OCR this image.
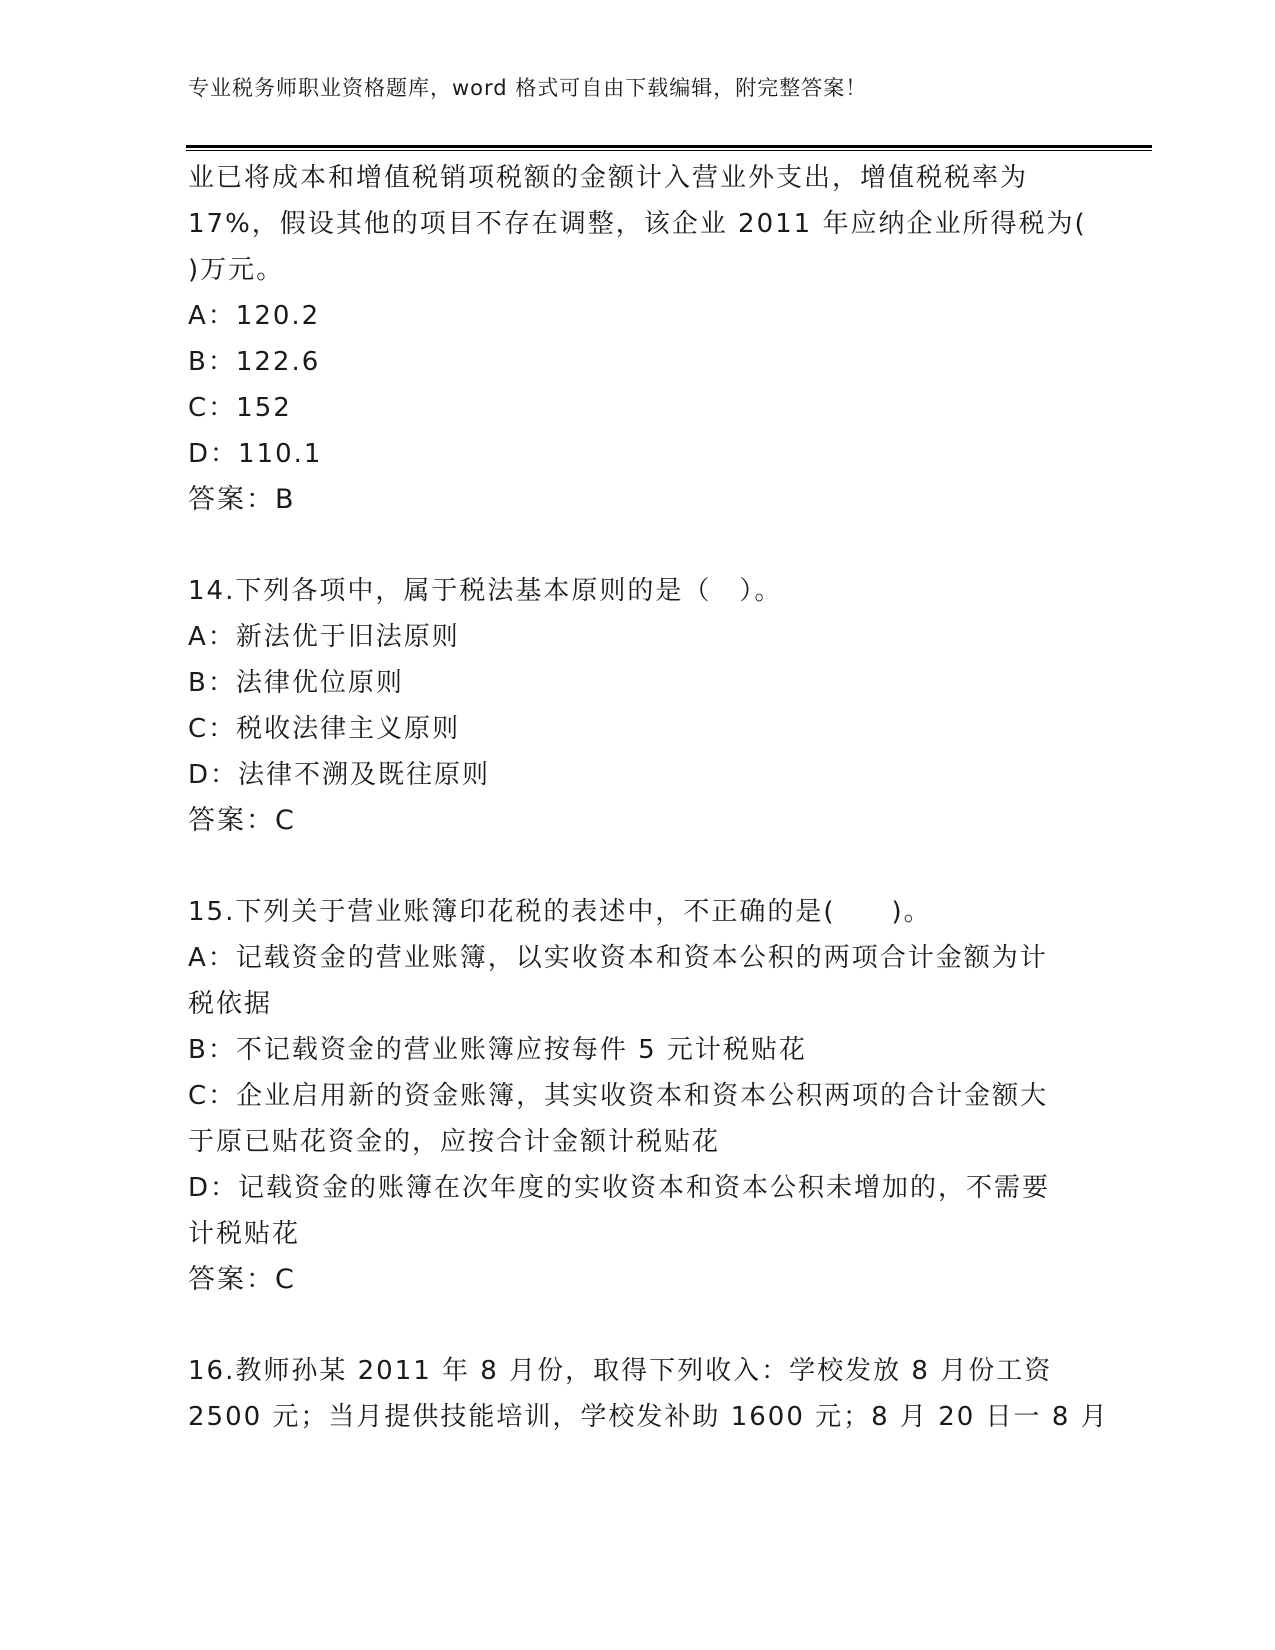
专业税务师职业资格题库，word 格式可自由下载编辑，附完整答案！
业已将成本和增值税销项税额的金额计入营业外支出，增值税税率为
17%，假设其他的项目不存在调整，该企业 2011 年应纳企业所得税为(
)万元。
A：120.2
B：122.6
C：152
D：110.1
答案：B
14.下列各项中，属于税法基本原则的是（　）。
A：新法优于旧法原则
B：法律优位原则
C：税收法律主义原则
D：法律不溯及既往原则
答案：C
15.下列关于营业账簿印花税的表述中，不正确的是(　　)。
A：记载资金的营业账簿，以实收资本和资本公积的两项合计金额为计
税依据
B：不记载资金的营业账簿应按每件 5 元计税贴花
C：企业启用新的资金账簿，其实收资本和资本公积两项的合计金额大
于原已贴花资金的，应按合计金额计税贴花
D：记载资金的账簿在次年度的实收资本和资本公积未增加的，不需要
计税贴花
答案：C
16.教师孙某 2011 年 8 月份，取得下列收入：学校发放 8 月份工资
2500 元；当月提供技能培训，学校发补助 1600 元；8 月 20 日一 8 月
